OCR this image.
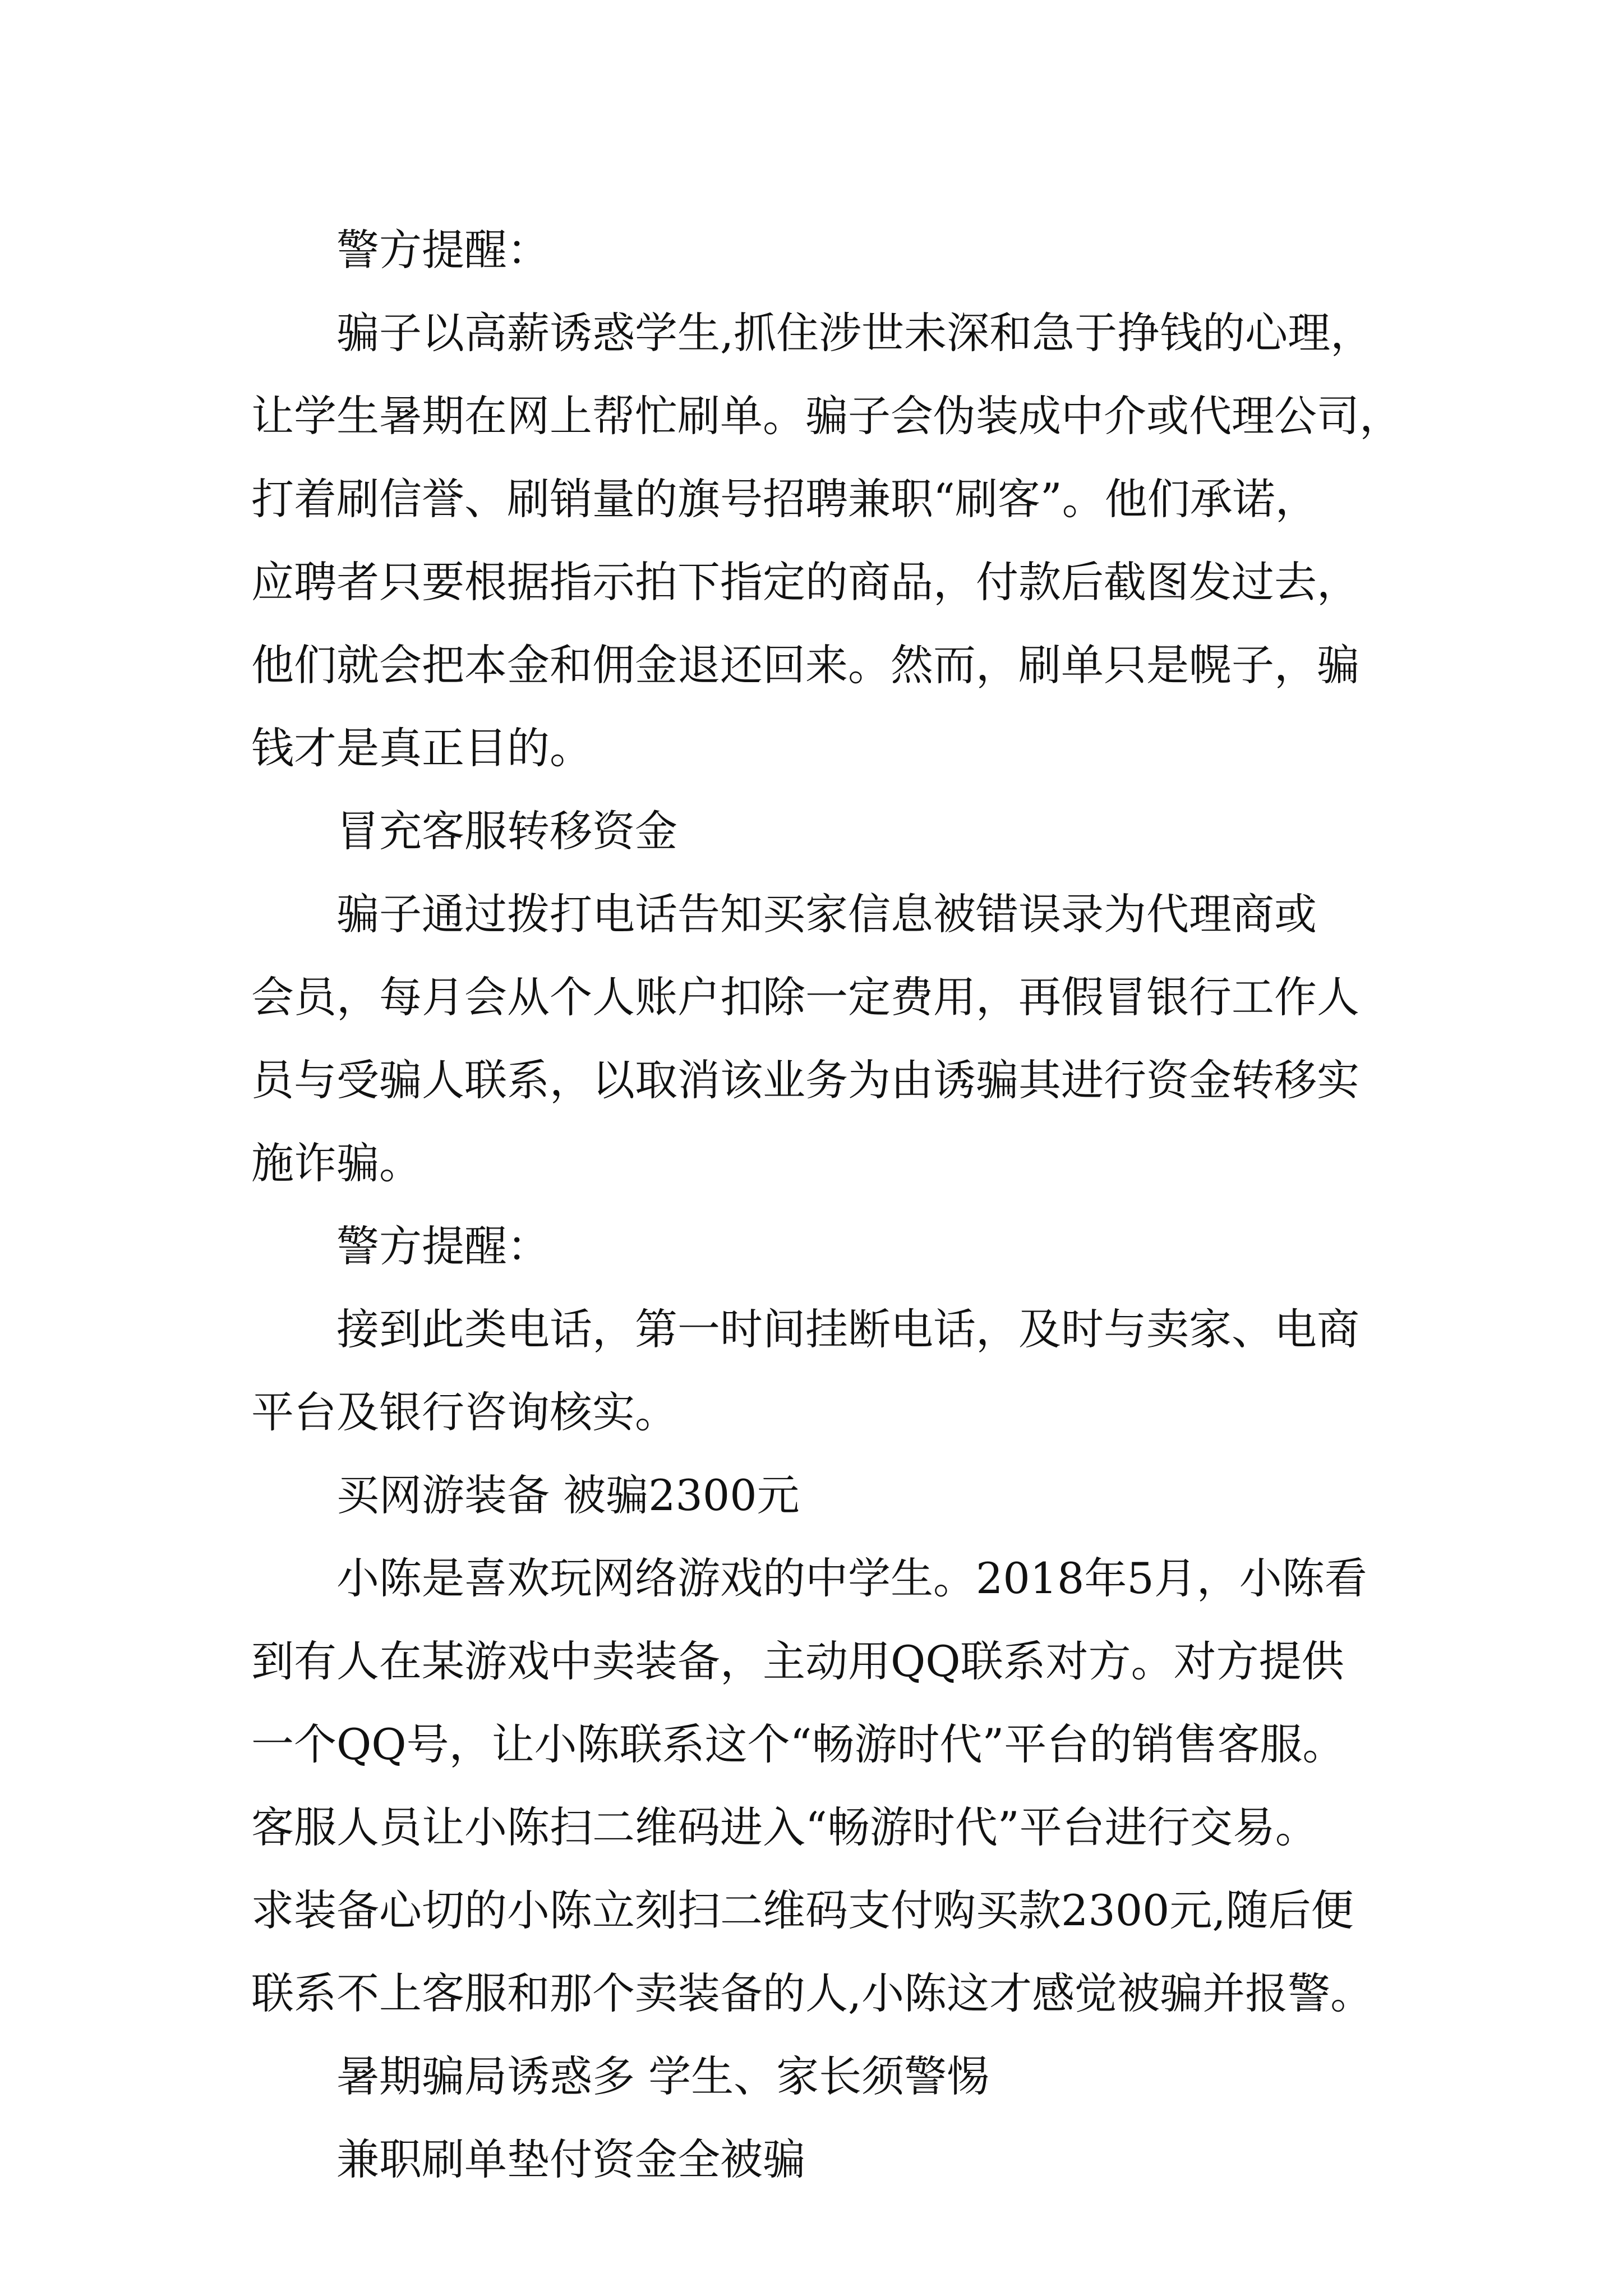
警方提醒：
骗子以高薪诱惑学生,抓住涉世未深和急于挣钱的心理，
让学生暑期在网上帮忙刷单。骗子会伪装成中介或代理公司，
打着刷信誉、刷销量的旗号招聘兼职“刷客”。他们承诺，
应聘者只要根据指示拍下指定的商品，付款后截图发过去，
他们就会把本金和佣金退还回来。然而，刷单只是幌子，骗
钱才是真正目的。
冒充客服转移资金
骗子通过拨打电话告知买家信息被错误录为代理商或
会员，每月会从个人账户扣除一定费用，再假冒银行工作人
员与受骗人联系，以取消该业务为由诱骗其进行资金转移实
施诈骗。
警方提醒：
接到此类电话，第一时间挂断电话，及时与卖家、电商
平台及银行咨询核实。
买网游装备 被骗2300元
小陈是喜欢玩网络游戏的中学生。2018年5月，小陈看
到有人在某游戏中卖装备，主动用QQ联系对方。对方提供
一个QQ号，让小陈联系这个“畅游时代”平台的销售客服。
客服人员让小陈扫二维码进入“畅游时代”平台进行交易。
求装备心切的小陈立刻扫二维码支付购买款2300元,随后便
联系不上客服和那个卖装备的人,小陈这才感觉被骗并报警。
暑期骗局诱惑多 学生、家长须警惕
兼职刷单垫付资金全被骗
